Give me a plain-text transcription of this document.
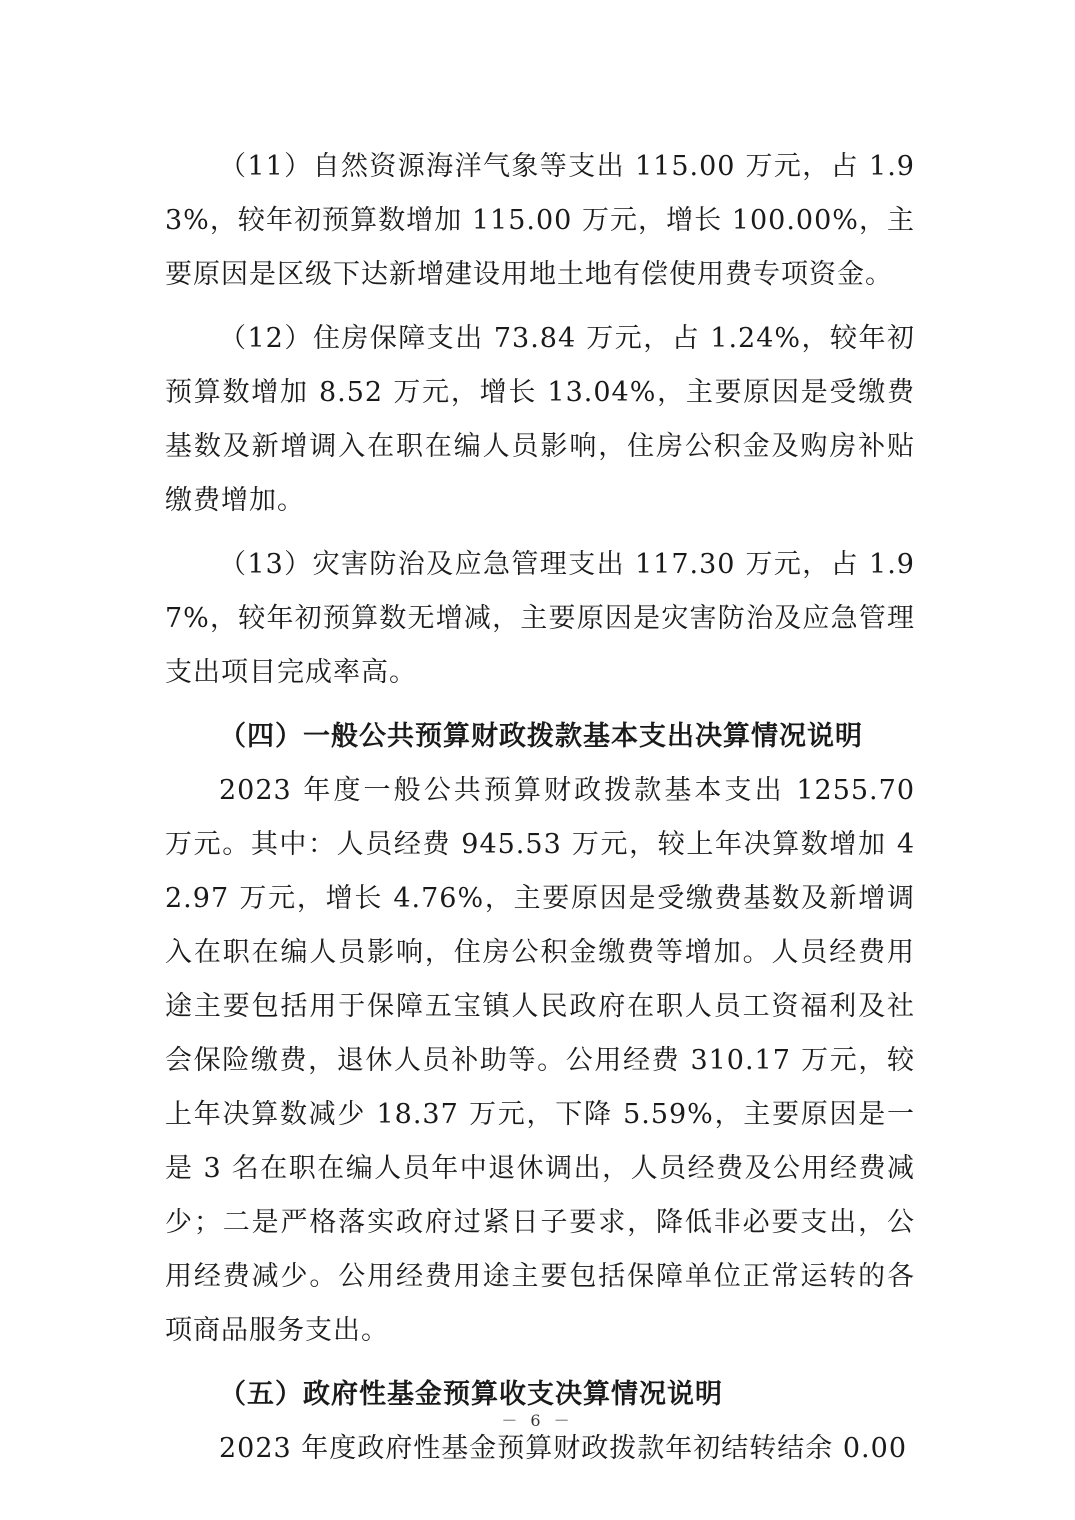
（11）自然资源海洋气象等支出 115.00 万元，占 1.93%，较年初预算数增加 115.00 万元，增长 100.00%，主要原因是区级下达新增建设用地土地有偿使用费专项资金。

（12）住房保障支出 73.84 万元，占 1.24%，较年初预算数增加 8.52 万元，增长 13.04%，主要原因是受缴费基数及新增调入在职在编人员影响，住房公积金及购房补贴缴费增加。

（13）灾害防治及应急管理支出 117.30 万元，占 1.97%，较年初预算数无增减，主要原因是灾害防治及应急管理支出项目完成率高。

（四）一般公共预算财政拨款基本支出决算情况说明

2023 年度一般公共预算财政拨款基本支出 1255.70 万元。其中：人员经费 945.53 万元，较上年决算数增加 42.97 万元，增长 4.76%，主要原因是受缴费基数及新增调入在职在编人员影响，住房公积金缴费等增加。人员经费用途主要包括用于保障五宝镇人民政府在职人员工资福利及社会保险缴费，退休人员补助等。公用经费 310.17 万元，较上年决算数减少 18.37 万元，下降 5.59%，主要原因是一是 3 名在职在编人员年中退休调出，人员经费及公用经费减少；二是严格落实政府过紧日子要求，降低非必要支出，公用经费减少。公用经费用途主要包括保障单位正常运转的各项商品服务支出。

（五）政府性基金预算收支决算情况说明

2023 年度政府性基金预算财政拨款年初结转结余 0.00

－ 6 －
